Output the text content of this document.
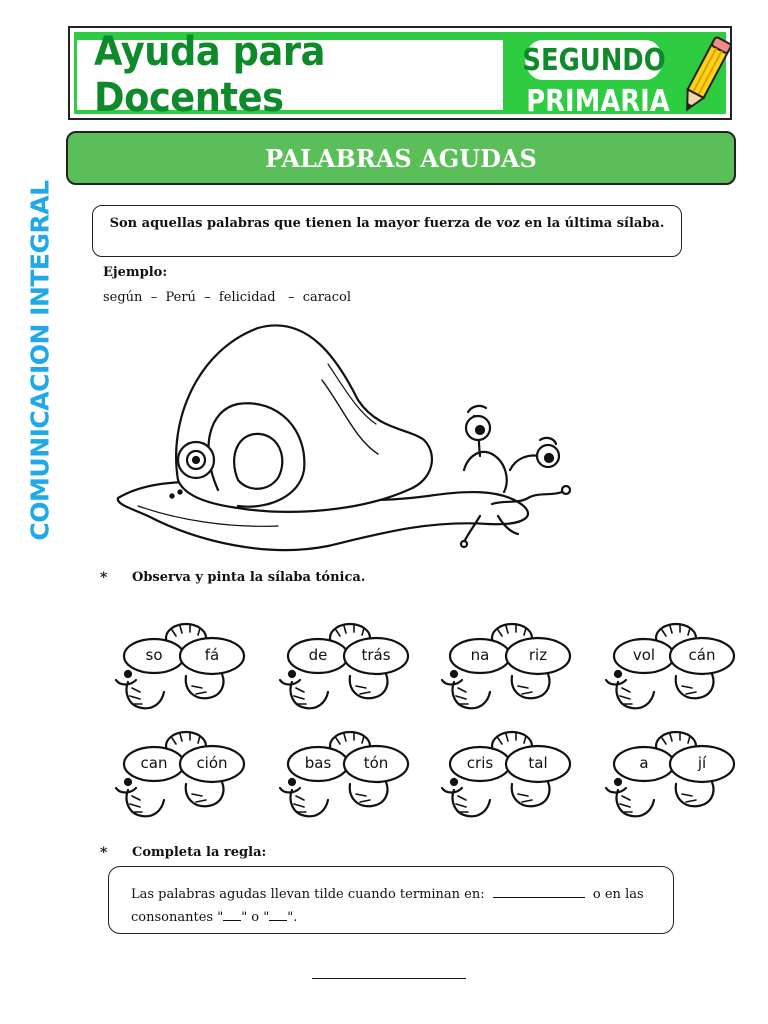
Ayuda para Docentes
SEGUNDO
PRIMARIA
PALABRAS AGUDAS
COMUNICACION INTEGRAL	Son aquellas palabras que tienen la mayor fuerza de voz en la última sílaba.
Ejemplo:
según  –  Perú  –  felicidad   –  caracol
* Observa y pinta la sílaba tónica.
so	fá	de	trás	na	riz	vol	cán
can	ción	bas	tón	cris	tal	a	jí
* Completa la regla:
Las palabras agudas llevan tilde cuando terminan en:	o en las
consonantes " " o " ".
